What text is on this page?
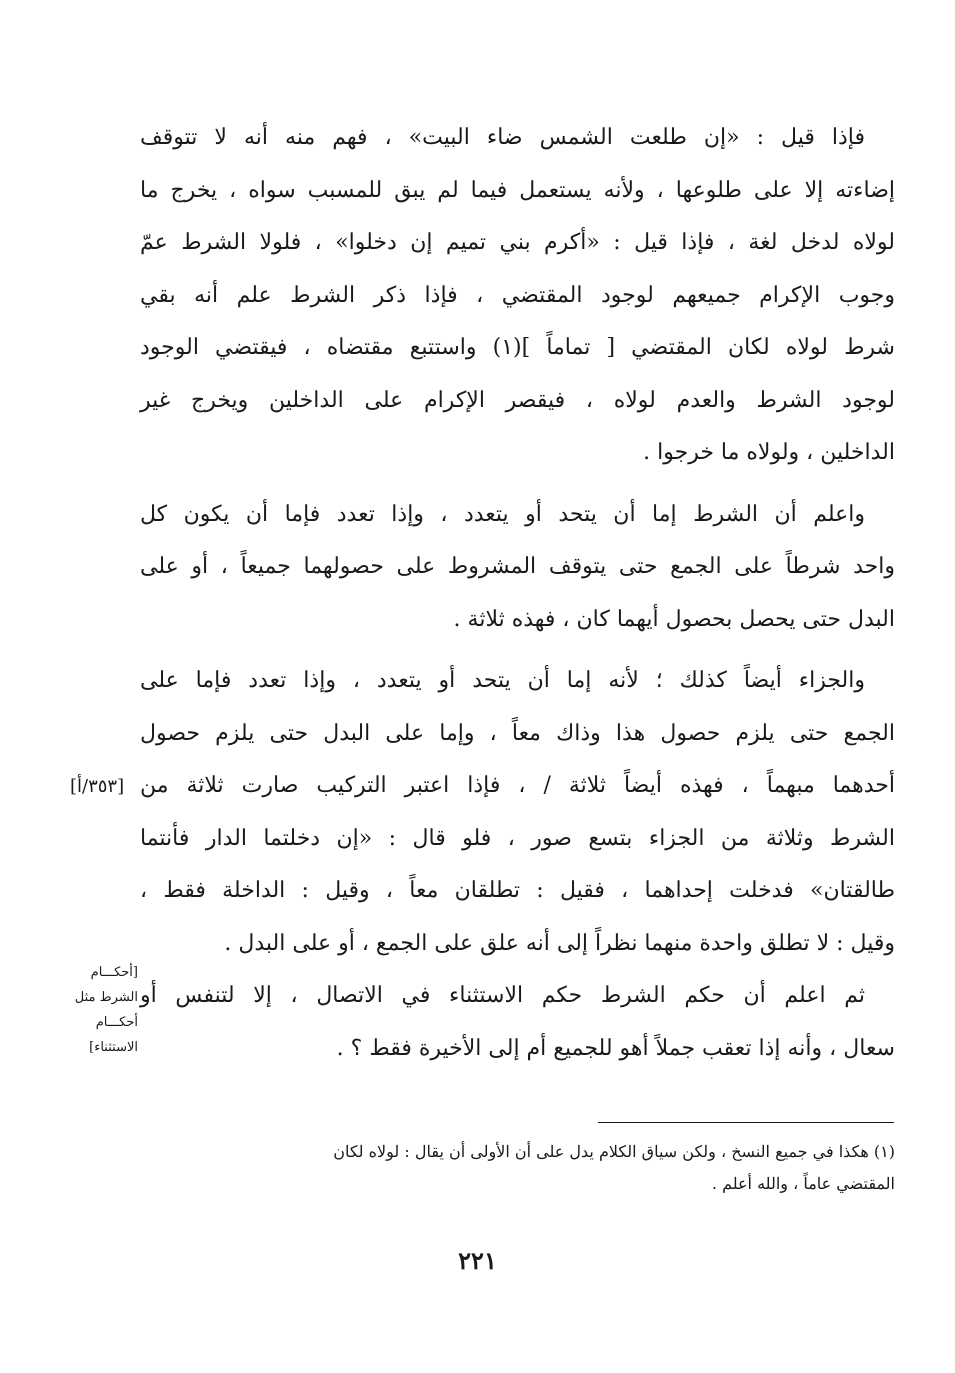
فإذا قيل : «إن طلعت الشمس ضاء البيت» ، فهم منه أنه لا تتوقف
إضاءته إلا على طلوعها ، ولأنه يستعمل فيما لم يبق للمسبب سواه ، يخرج ما
لولاه لدخل لغة ، فإذا قيل : «أكرم بني تميم إن دخلوا» ، فلولا الشرط عمّ
وجوب الإكرام جميعهم لوجود المقتضي ، فإذا ذكر الشرط علم أنه بقي
شرط لولاه لكان المقتضي [ تماماً ](١) واستتبع مقتضاه ، فيقتضي الوجود
لوجود الشرط والعدم لولاه ، فيقصر الإكرام على الداخلين ويخرج غير
الداخلين ، ولولاه ما خرجوا .
واعلم أن الشرط إما أن يتحد أو يتعدد ، وإذا تعدد فإما أن يكون كل
واحد شرطاً على الجمع حتى يتوقف المشروط على حصولهما جميعاً ، أو على
البدل حتى يحصل بحصول أيهما كان ، فهذه ثلاثة .
والجزاء أيضاً كذلك ؛ لأنه إما أن يتحد أو يتعدد ، وإذا تعدد فإما على
الجمع حتى يلزم حصول هذا وذاك معاً ، وإما على البدل حتى يلزم حصول
أحدهما مبهماً ، فهذه أيضاً ثلاثة / ، فإذا اعتبر التركيب صارت ثلاثة من
الشرط وثلاثة من الجزاء بتسع صور ، فلو قال : «إن دخلتما الدار فأنتما
طالقتان» فدخلت إحداهما ، فقيل : تطلقان معاً ، وقيل : الداخلة فقط ،
وقيل : لا تطلق واحدة منهما نظراً إلى أنه علق على الجمع ، أو على البدل .
ثم اعلم أن حكم الشرط حكم الاستثناء في الاتصال ، إلا لتنفس أو
سعال ، وأنه إذا تعقب جملاً أهو للجميع أم إلى الأخيرة فقط ؟ .
[٣٥٣/أ]
[أحكـــام
الشرط مثل
أحكـــام
الاستثناء]
(١) هكذا في جميع النسخ ، ولكن سياق الكلام يدل على أن الأولى أن يقال : لولاه لكان
المقتضي عاماً ، والله أعلم .
٢٢١
